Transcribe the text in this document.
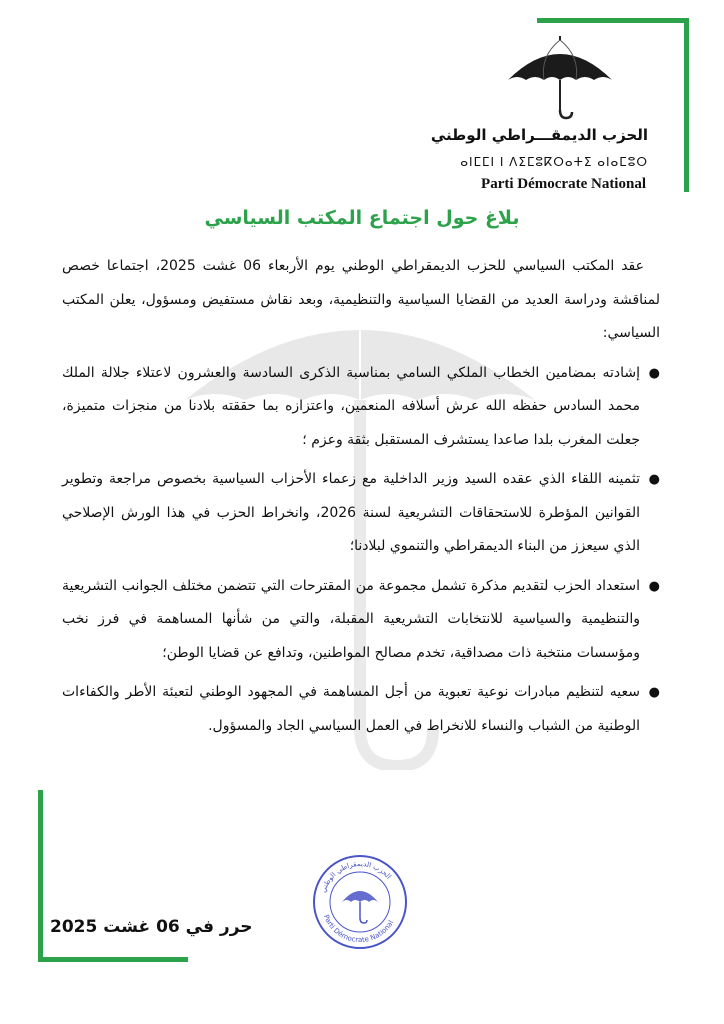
الحزب الديمقـــراطي الوطني
ⴰⵏⵎⵎⵏ ⵏ ⴷⵉⵎⵓⴽⵔⴰⵜⵉ ⴰⵏⴰⵎⵓⵔ
Parti Démocrate National
بلاغ حول اجتماع المكتب السياسي

عقد المكتب السياسي للحزب الديمقراطي الوطني يوم الأربعاء 06 غشت 2025، اجتماعا خصص لمناقشة ودراسة العديد من القضايا السياسية والتنظيمية، وبعد نقاش مستفيض ومسؤول، يعلن المكتب السياسي:

●
إشادته بمضامين الخطاب الملكي السامي بمناسبة الذكرى السادسة والعشرون لاعتلاء جلالة الملك محمد السادس حفظه الله عرش أسلافه المنعمين، واعتزازه بما حققته بلادنا من منجزات متميزة، جعلت المغرب بلدا صاعدا يستشرف المستقبل بثقة وعزم ؛
●
تثمينه اللقاء الذي عقده السيد وزير الداخلية مع زعماء الأحزاب السياسية بخصوص مراجعة وتطوير القوانين المؤطرة للاستحقاقات التشريعية لسنة 2026، وانخراط الحزب في هذا الورش الإصلاحي الذي سيعزز من البناء الديمقراطي والتنموي لبلادنا؛
●
استعداد الحزب لتقديم مذكرة تشمل مجموعة من المقترحات التي تتضمن مختلف الجوانب التشريعية والتنظيمية والسياسية للانتخابات التشريعية المقبلة، والتي من شأنها المساهمة في فرز نخب ومؤسسات منتخبة ذات مصداقية، تخدم مصالح المواطنين، وتدافع عن قضايا الوطن؛
●
سعيه لتنظيم مبادرات نوعية تعبوية من أجل المساهمة في المجهود الوطني لتعبئة الأطر والكفاءات الوطنية من الشباب والنساء للانخراط في العمل السياسي الجاد والمسؤول.
الحزب الديمقراطي الوطني
Parti Démocrate National
حرر في 06 غشت 2025
